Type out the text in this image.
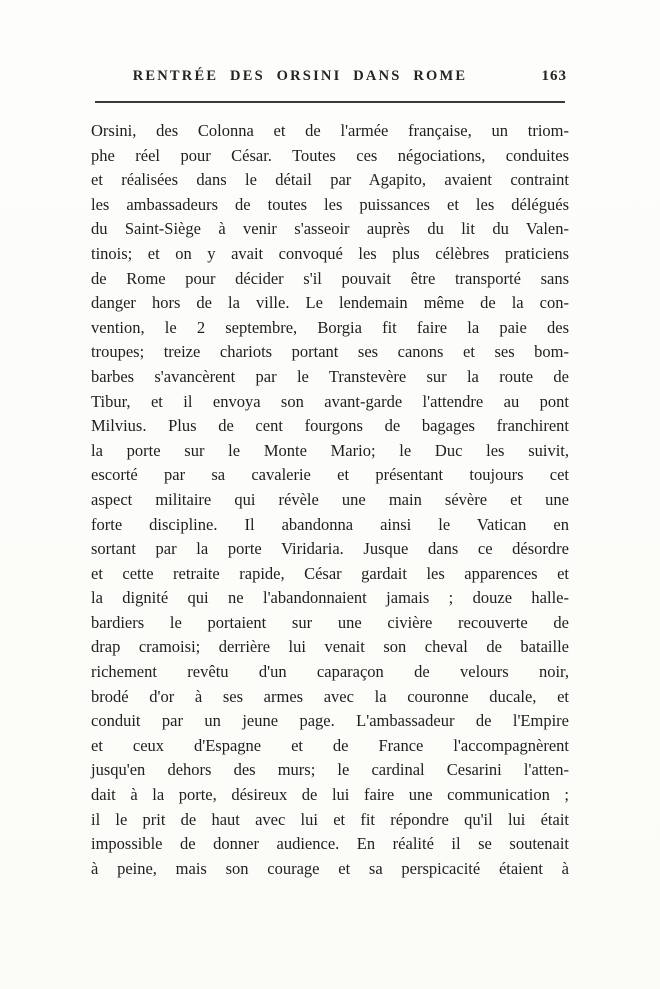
RENTRÉE DES ORSINI DANS ROME	163
Orsini, des Colonna et de l'armée française, un triom-
phe réel pour César. Toutes ces négociations, conduites
et réalisées dans le détail par Agapito, avaient contraint
les ambassadeurs de toutes les puissances et les délégués
du Saint-Siège à venir s'asseoir auprès du lit du Valen-
tinois; et on y avait convoqué les plus célèbres praticiens
de Rome pour décider s'il pouvait être transporté sans
danger hors de la ville. Le lendemain même de la con-
vention, le 2 septembre, Borgia fit faire la paie des
troupes; treize chariots portant ses canons et ses bom-
barbes s'avancèrent par le Transtevère sur la route de
Tibur, et il envoya son avant-garde l'attendre au pont
Milvius. Plus de cent fourgons de bagages franchirent
la porte sur le Monte Mario; le Duc les suivit,
escorté par sa cavalerie et présentant toujours cet
aspect militaire qui révèle une main sévère et une
forte discipline. Il abandonna ainsi le Vatican en
sortant par la porte Viridaria. Jusque dans ce désordre
et cette retraite rapide, César gardait les apparences et
la dignité qui ne l'abandonnaient jamais ; douze halle-
bardiers le portaient sur une civière recouverte de
drap cramoisi; derrière lui venait son cheval de bataille
richement revêtu d'un caparaçon de velours noir,
brodé d'or à ses armes avec la couronne ducale, et
conduit par un jeune page. L'ambassadeur de l'Empire
et ceux d'Espagne et de France l'accompagnèrent
jusqu'en dehors des murs; le cardinal Cesarini l'atten-
dait à la porte, désireux de lui faire une communication ;
il le prit de haut avec lui et fit répondre qu'il lui était
impossible de donner audience. En réalité il se soutenait
à peine, mais son courage et sa perspicacité étaient à
